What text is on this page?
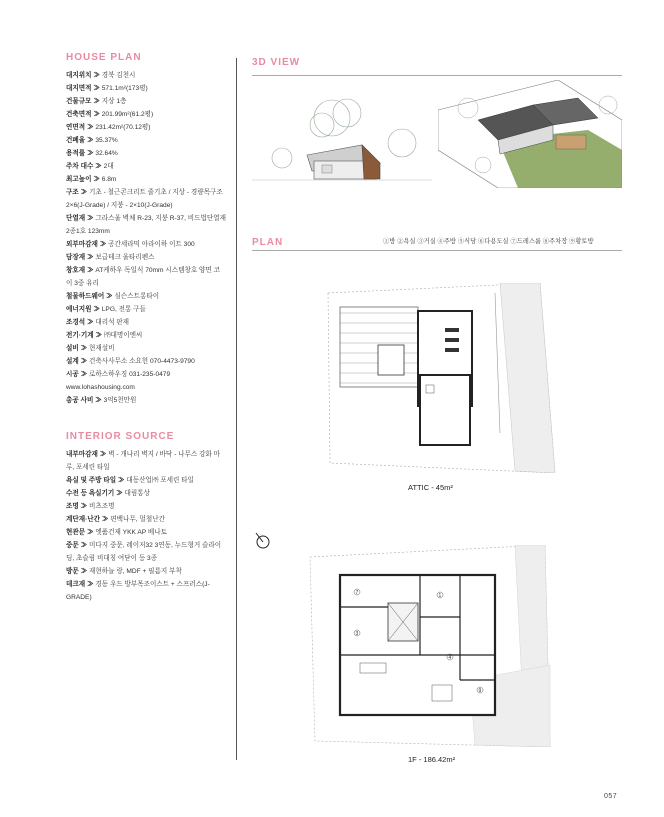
HOUSE PLAN
대지위치 ≫ 경북 김천시
대지면적 ≫ 571.1m²(173평)
건물규모 ≫ 지상 1층
건축면적 ≫ 201.99m²(61.2평)
연면적 ≫ 231.42m²(70.12평)
건폐율 ≫ 35.37%
용적률 ≫ 32.64%
주차 대수 ≫ 2대
최고높이 ≫ 6.8m
구조 ≫ 기초 - 철근콘크리트 줄기초 / 지상 - 경량목구조 2×6(J-Grade) / 지붕 - 2×10(J-Grade)
단열재 ≫ 그라스울 벽체 R-23, 지붕 R-37, 비드법단열재 2종1호 123mm
외부마감재 ≫ 공간세라믹 아라이하 이트 300
담장재 ≫ 보급테크 울타리펜스
창호재 ≫ AT케하우 독일식 70mm 시스템창호 양면 코이 3중 유리
철물하드웨어 ≫ 심슨스트롱타이
에너지원 ≫ LPG, 전통 구들
조경석 ≫ 대리석 판재
전기·기계 ≫ ㈜대명이엔씨
설비 ≫ 현재설비
설계 ≫ 건축사사무소 소요헌 070-4473-9790
시공 ≫ 로하스하우징 031-235-0479 www.lohashousing.com
총공 사비 ≫ 3억5천만원
INTERIOR SOURCE
내부마감재 ≫ 벽 - 개나리 벽지 / 바닥 - 나무스 강화 마루, 포세린 타일
욕실 및 주방 타일 ≫ 대동산업㈜ 포세린 타일
수전 등 욕실기기 ≫ 대림통상
조명 ≫ 비츠조명
계단재·난간 ≫ 편백나무, 멀철난간
현관문 ≫ 엣품건재 YKK AP 베나토
중문 ≫ 미다지 중문, 레이저32 3연동, 누드형거 슬라이딩, 초슬림 비대칭 여닫이 등 3종
방문 ≫ 재현하늘 랑, MDF + 필름지 부착
데크재 ≫ 경동 우드 방부목조이스트 + 스프러스(J-GRADE)
3D VIEW
PLAN	①방 ②욕실 ③거실 ④주방 ⑤식당 ⑥다용도실 ⑦드레스룸 ⑧주차장 ⑨황토방
ATTIC - 45m²
7	1
3
4
9
1F - 186.42m²
057
